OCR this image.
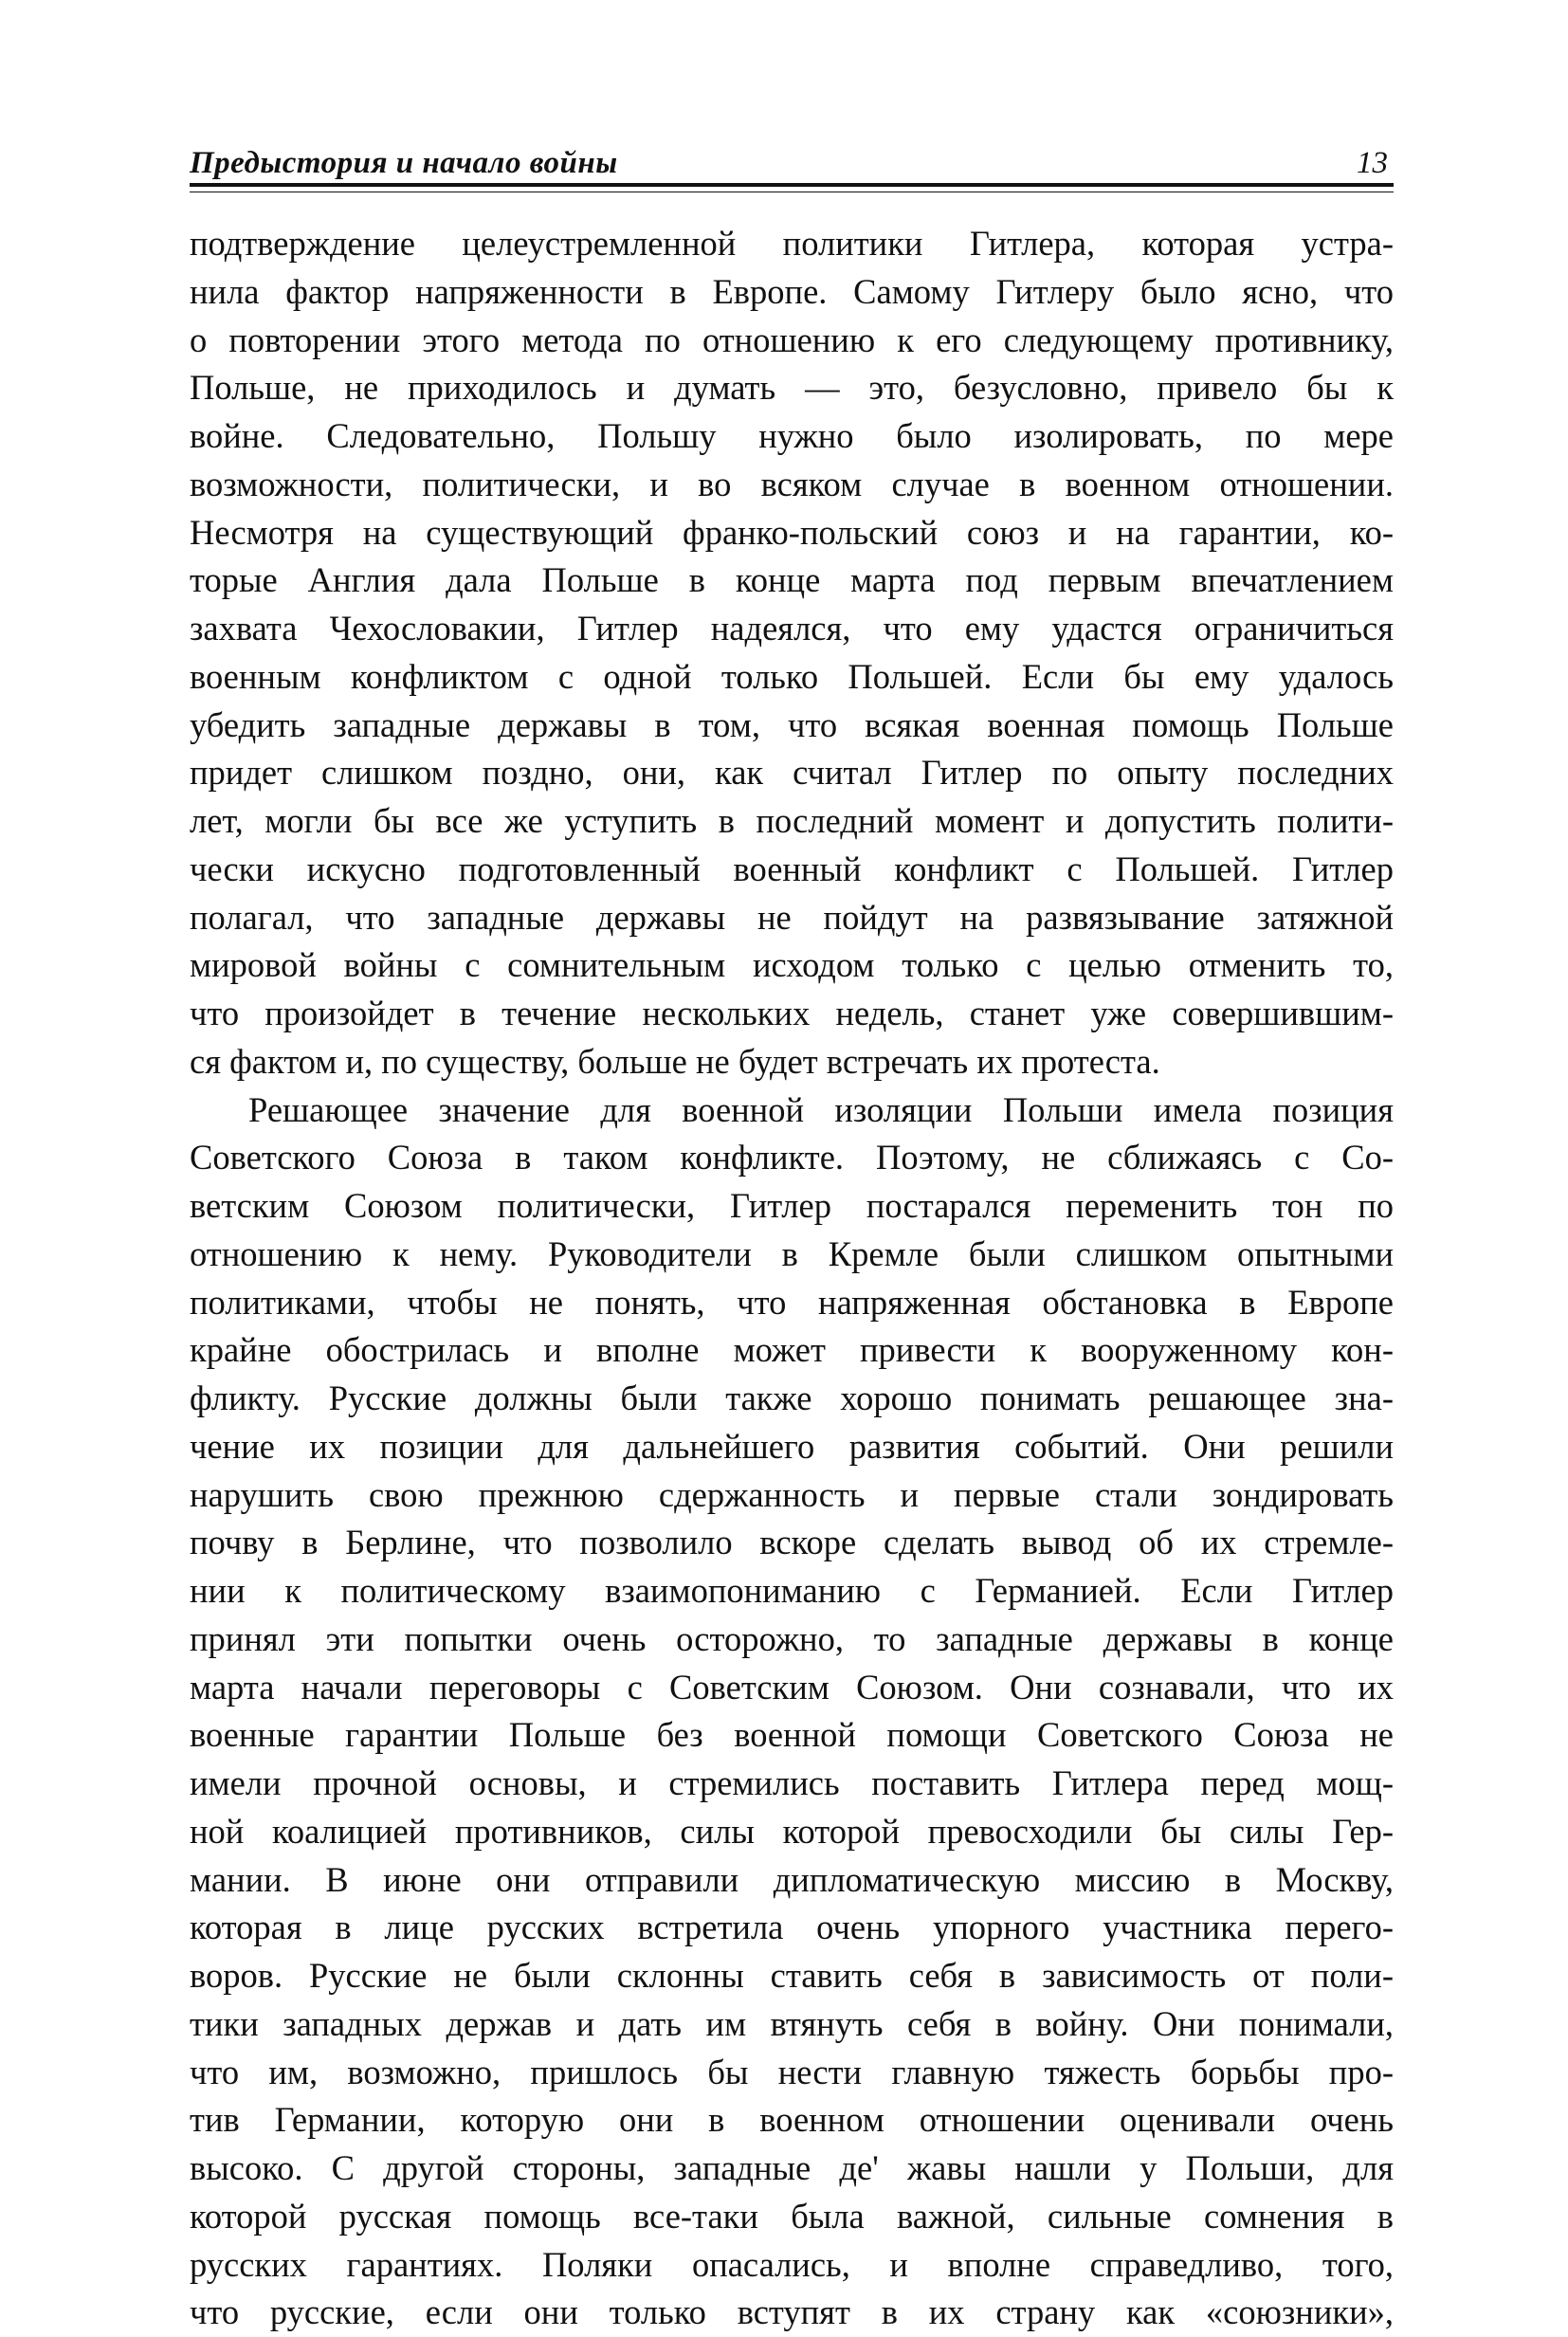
Предыстория и начало войны	13
подтверждение целеустремленной политики Гитлера, которая устра-
нила фактор напряженности в Европе. Самому Гитлеру было ясно, что
о повторении этого метода по отношению к его следующему противнику,
Польше, не приходилось и думать — это, безусловно, привело бы к
войне. Следовательно, Польшу нужно было изолировать, по мере
возможности, политически, и во всяком случае в военном отношении.
Несмотря на существующий франко-польский союз и на гарантии, ко-
торые Англия дала Польше в конце марта под первым впечатлением
захвата Чехословакии, Гитлер надеялся, что ему удастся ограничиться
военным конфликтом с одной только Польшей. Если бы ему удалось
убедить западные державы в том, что всякая военная помощь Польше
придет слишком поздно, они, как считал Гитлер по опыту последних
лет, могли бы все же уступить в последний момент и допустить полити-
чески искусно подготовленный военный конфликт с Польшей. Гитлер
полагал, что западные державы не пойдут на развязывание затяжной
мировой войны с сомнительным исходом только с целью отменить то,
что произойдет в течение нескольких недель, станет уже совершившим-
ся фактом и, по существу, больше не будет встречать их протеста.
Решающее значение для военной изоляции Польши имела позиция
Советского Союза в таком конфликте. Поэтому, не сближаясь с Со-
ветским Союзом политически, Гитлер постарался переменить тон по
отношению к нему. Руководители в Кремле были слишком опытными
политиками, чтобы не понять, что напряженная обстановка в Европе
крайне обострилась и вполне может привести к вооруженному кон-
фликту. Русские должны были также хорошо понимать решающее зна-
чение их позиции для дальнейшего развития событий. Они решили
нарушить свою прежнюю сдержанность и первые стали зондировать
почву в Берлине, что позволило вскоре сделать вывод об их стремле-
нии к политическому взаимопониманию с Германией. Если Гитлер
принял эти попытки очень осторожно, то западные державы в конце
марта начали переговоры с Советским Союзом. Они сознавали, что их
военные гарантии Польше без военной помощи Советского Союза не
имели прочной основы, и стремились поставить Гитлера перед мощ-
ной коалицией противников, силы которой превосходили бы силы Гер-
мании. В июне они отправили дипломатическую миссию в Москву,
которая в лице русских встретила очень упорного участника перего-
воров. Русские не были склонны ставить себя в зависимость от поли-
тики западных держав и дать им втянуть себя в войну. Они понимали,
что им, возможно, пришлось бы нести главную тяжесть борьбы про-
тив Германии, которую они в военном отношении оценивали очень
высоко. С другой стороны, западные де' жавы нашли у Польши, для
которой русская помощь все-таки была важной, сильные сомнения в
русских гарантиях. Поляки опасались, и вполне справедливо, того,
что русские, если они только вступят в их страну как «союзники»,
